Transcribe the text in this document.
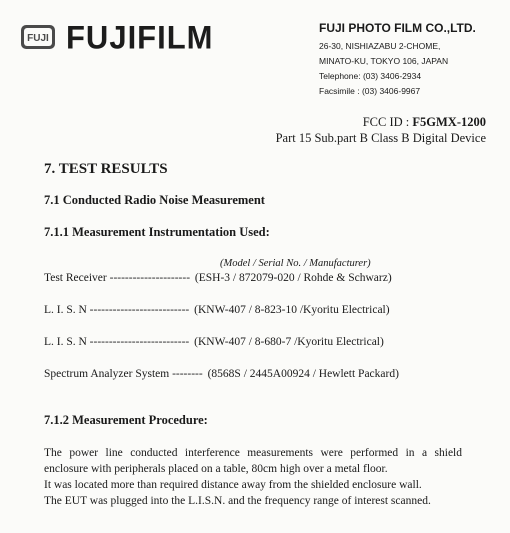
FUJI FUJIFILM	FUJI PHOTO FILM CO.,LTD.
26-30, NISHIAZABU 2-CHOME,
MINATO-KU, TOKYO 106, JAPAN
Telephone: (03) 3406-2934
Facsimile : (03) 3406-9967
FCC ID : F5GMX-1200
Part 15 Sub.part B Class B Digital Device
7. TEST RESULTS
7.1 Conducted Radio Noise Measurement
7.1.1 Measurement Instrumentation Used:
(Model / Serial No. / Manufacturer)
Test Receiver --------------------- (ESH-3 / 872079-020 / Rohde & Schwarz)
L. I. S. N -------------------------- (KNW-407 / 8-823-10 /Kyoritu Electrical)
L. I. S. N -------------------------- (KNW-407 / 8-680-7 /Kyoritu Electrical)
Spectrum Analyzer System -------- (8568S / 2445A00924 / Hewlett Packard)
7.1.2 Measurement Procedure:

The power line conducted interference measurements were performed in a shield enclosure with peripherals placed on a table, 80cm high over a metal floor.

It was located more than required distance away from the shielded enclosure wall.

The EUT was plugged into the L.I.S.N. and the frequency range of interest scanned.
